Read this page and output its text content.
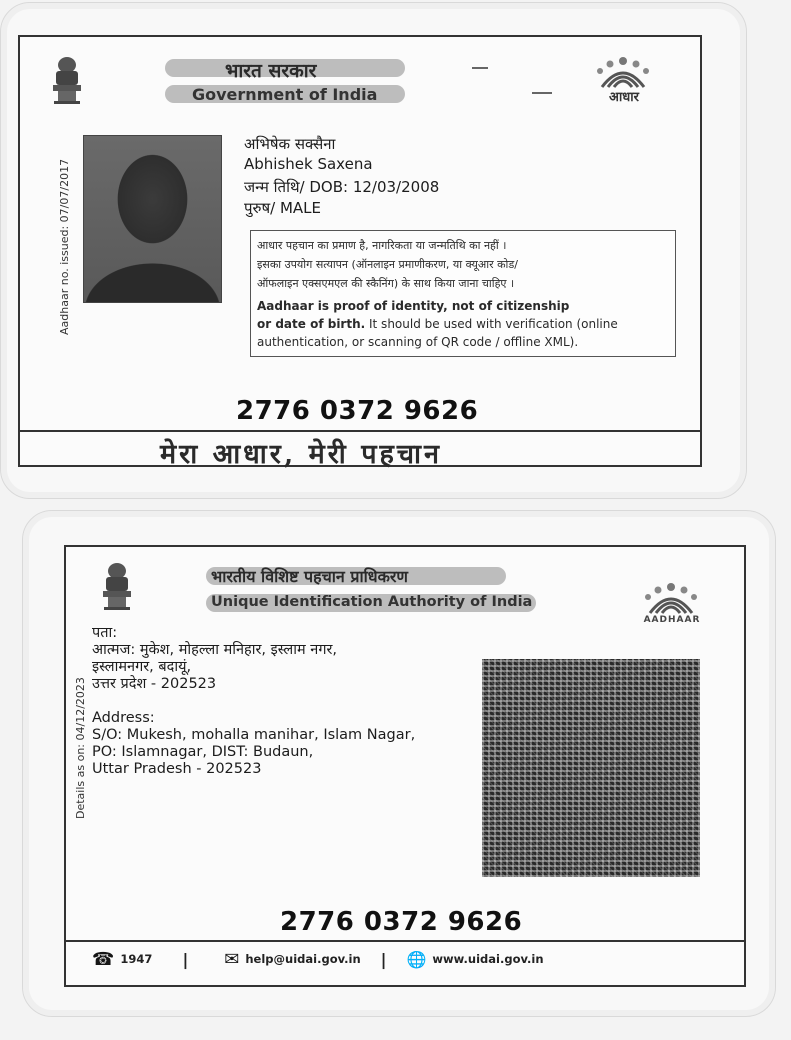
भारत सरकार
Government of India	आधार
Aadhaar no. issued: 07/07/2017
अभिषेक सक्सैना
Abhishek Saxena
जन्म तिथि/ DOB: 12/03/2008
पुरुष/ MALE
आधार पहचान का प्रमाण है, नागरिकता या जन्मतिथि का नहीं ।
इसका उपयोग सत्यापन (ऑनलाइन प्रमाणीकरण, या क्यूआर कोड/
ऑफलाइन एक्सएमएल की स्कैनिंग) के साथ किया जाना चाहिए ।
Aadhaar is proof of identity, not of citizenship
or date of birth. It should be used with verification (online
authentication, or scanning of QR code / offline XML).
2776 0372 9626
मेरा आधार, मेरी पहचान
भारतीय विशिष्ट पहचान प्राधिकरण
Unique Identification Authority of India
AADHAAR
Details as on: 04/12/2023
पता:
आत्मज: मुकेश, मोहल्ला मनिहार, इस्लाम नगर,
इस्लामनगर, बदायूं,
उत्तर प्रदेश - 202523
Address:
S/O: Mukesh, mohalla manihar, Islam Nagar,
PO: Islamnagar, DIST: Budaun,
Uttar Pradesh - 202523
2776 0372 9626
☎ 1947 | ✉ help@uidai.gov.in | 🌐 www.uidai.gov.in
